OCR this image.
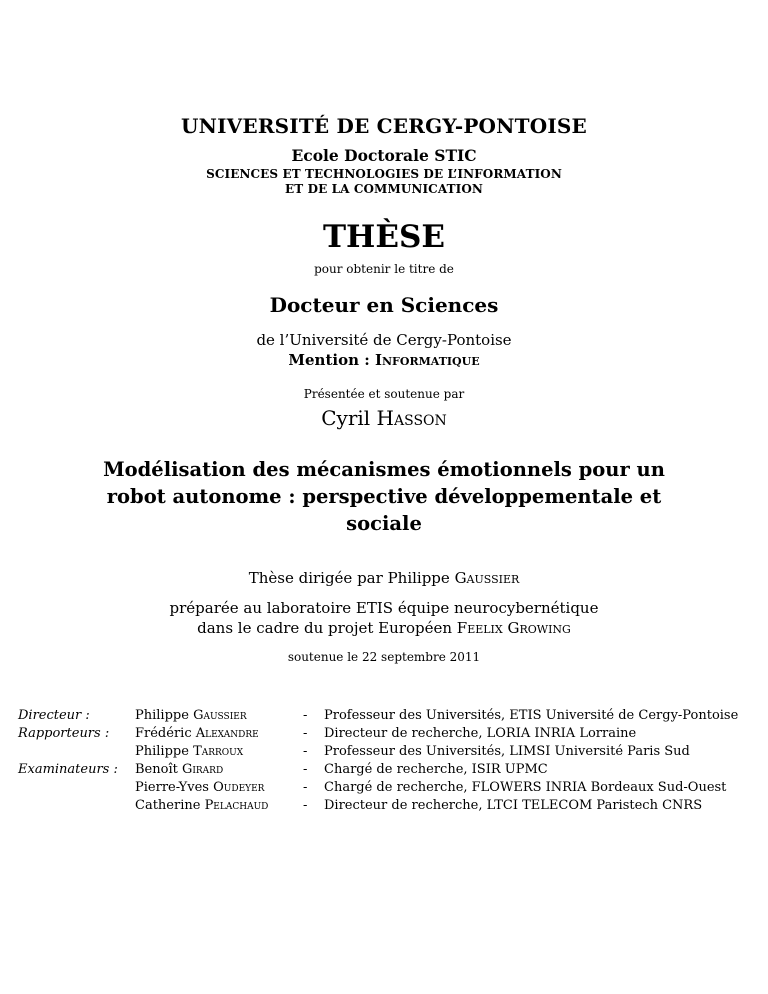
UNIVERSITÉ DE CERGY-PONTOISE
Ecole Doctorale STIC
SCIENCES ET TECHNOLOGIES DE L’INFORMATION
ET DE LA COMMUNICATION
THÈSE
pour obtenir le titre de
Docteur en Sciences
de l’Université de Cergy-Pontoise
Mention : Informatique
Présentée et soutenue par
Cyril Hasson
Modélisation des mécanismes émotionnels pour un robot autonome : perspective développementale et sociale
Thèse dirigée par Philippe Gaussier
préparée au laboratoire ETIS équipe neurocybernétique
dans le cadre du projet Européen Feelix Growing
soutenue le 22 septembre 2011
Directeur :	Philippe Gaussier	- Professeur des Universités, ETIS Université de Cergy-Pontoise
Rapporteurs : Frédéric Alexandre	- Directeur de recherche, LORIA INRIA Lorraine
Philippe Tarroux	- Professeur des Universités, LIMSI Université Paris Sud
Examinateurs : Benoît Girard	- Chargé de recherche, ISIR UPMC
Pierre-Yves Oudeyer	- Chargé de recherche, FLOWERS INRIA Bordeaux Sud-Ouest
Catherine Pelachaud	- Directeur de recherche, LTCI TELECOM Paristech CNRS
